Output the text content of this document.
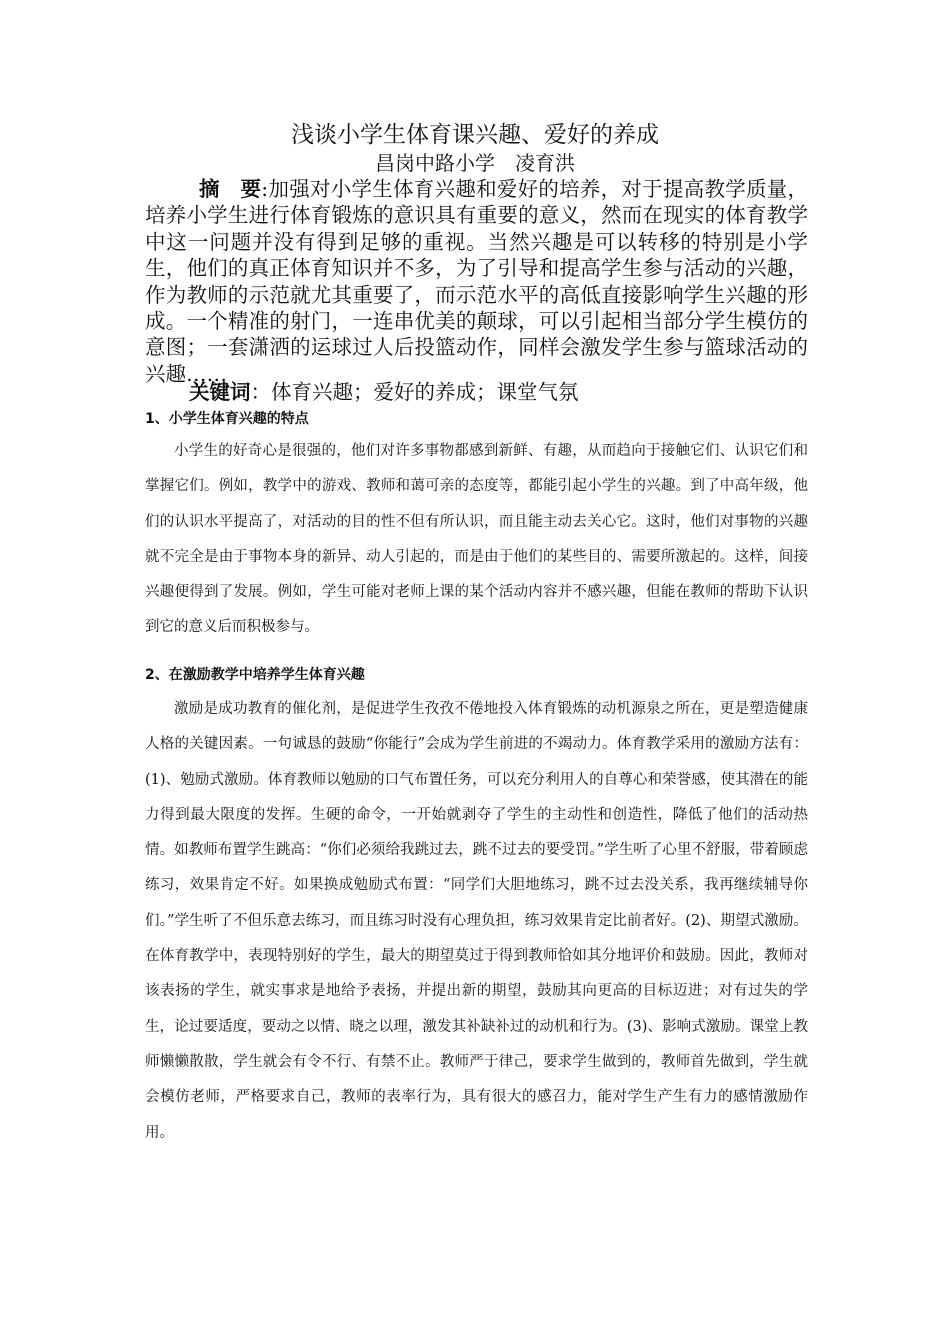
浅谈小学生体育课兴趣、爱好的养成
昌岗中路小学　凌育洪

摘　要:加强对小学生体育兴趣和爱好的培养，对于提高教学质量，培养小学生进行体育锻炼的意识具有重要的意义，然而在现实的体育教学中这一问题并没有得到足够的重视。当然兴趣是可以转移的特别是小学生，他们的真正体育知识并不多，为了引导和提高学生参与活动的兴趣，作为教师的示范就尤其重要了，而示范水平的高低直接影响学生兴趣的形成。一个精准的射门，一连串优美的颠球，可以引起相当部分学生模仿的意图；一套潇洒的运球过人后投篮动作，同样会激发学生参与篮球活动的兴趣……

关键词：体育兴趣；爱好的养成；课堂气氛

1、小学生体育兴趣的特点

小学生的好奇心是很强的，他们对许多事物都感到新鲜、有趣，从而趋向于接触它们、认识它们和掌握它们。例如，教学中的游戏、教师和蔼可亲的态度等，都能引起小学生的兴趣。到了中高年级，他们的认识水平提高了，对活动的目的性不但有所认识，而且能主动去关心它。这时，他们对事物的兴趣就不完全是由于事物本身的新异、动人引起的，而是由于他们的某些目的、需要所激起的。这样，间接兴趣便得到了发展。例如，学生可能对老师上课的某个活动内容并不感兴趣，但能在教师的帮助下认识到它的意义后而积极参与。

2、在激励教学中培养学生体育兴趣

激励是成功教育的催化剂，是促进学生孜孜不倦地投入体育锻炼的动机源泉之所在，更是塑造健康人格的关键因素。一句诚恳的鼓励“你能行”会成为学生前进的不竭动力。体育教学采用的激励方法有：(1)、勉励式激励。体育教师以勉励的口气布置任务，可以充分利用人的自尊心和荣誉感，使其潜在的能力得到最大限度的发挥。生硬的命令，一开始就剥夺了学生的主动性和创造性，降低了他们的活动热情。如教师布置学生跳高：“你们必须给我跳过去，跳不过去的要受罚。”学生听了心里不舒服，带着顾虑练习，效果肯定不好。如果换成勉励式布置：“同学们大胆地练习，跳不过去没关系，我再继续辅导你们。”学生听了不但乐意去练习，而且练习时没有心理负担，练习效果肯定比前者好。(2)、期望式激励。在体育教学中，表现特别好的学生，最大的期望莫过于得到教师恰如其分地评价和鼓励。因此，教师对该表扬的学生，就实事求是地给予表扬，并提出新的期望，鼓励其向更高的目标迈进；对有过失的学生，论过要适度，要动之以情、晓之以理，激发其补缺补过的动机和行为。(3)、影响式激励。课堂上教师懒懒散散，学生就会有令不行、有禁不止。教师严于律己，要求学生做到的，教师首先做到，学生就会模仿老师，严格要求自己，教师的表率行为，具有很大的感召力，能对学生产生有力的感情激励作用。
